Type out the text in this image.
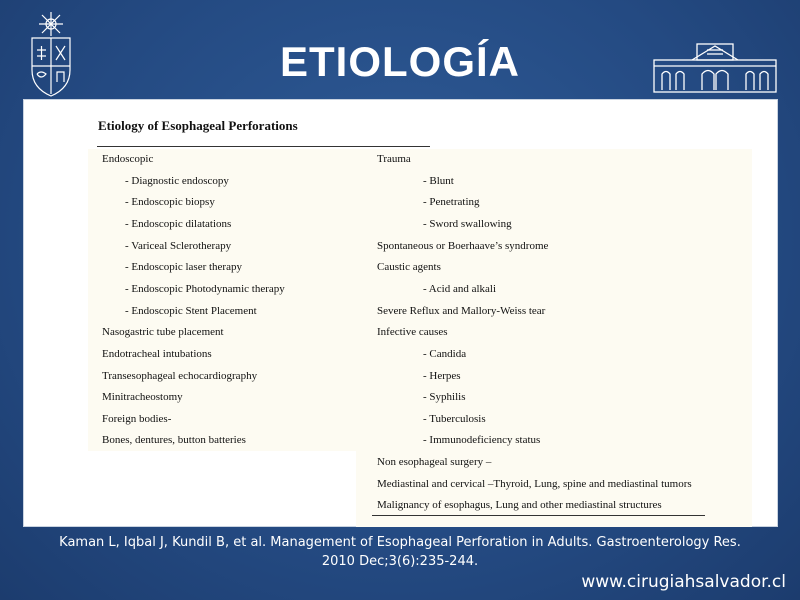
ETIOLOGÍA
Etiology of Esophageal Perforations
Endoscopic
- Diagnostic endoscopy
- Endoscopic biopsy
- Endoscopic dilatations
- Variceal Sclerotherapy
- Endoscopic laser therapy
- Endoscopic Photodynamic therapy
- Endoscopic Stent Placement
Nasogastric tube placement
Endotracheal intubations
Transesophageal echocardiography
Minitracheostomy
Foreign bodies-
Bones, dentures, button batteries
Trauma
- Blunt
- Penetrating
- Sword swallowing
Spontaneous or Boerhaave’s syndrome
Caustic agents
- Acid and alkali
Severe Reflux and Mallory-Weiss tear
Infective causes
- Candida
- Herpes
- Syphilis
- Tuberculosis
- Immunodeficiency status
Non esophageal surgery –
Mediastinal and cervical –Thyroid, Lung, spine and mediastinal tumors
Malignancy of esophagus, Lung and other mediastinal structures
Kaman L, Iqbal J, Kundil B, et al. Management of Esophageal Perforation in Adults. Gastroenterology Res.
2010 Dec;3(6):235-244.
www.cirugiahsalvador.cl
